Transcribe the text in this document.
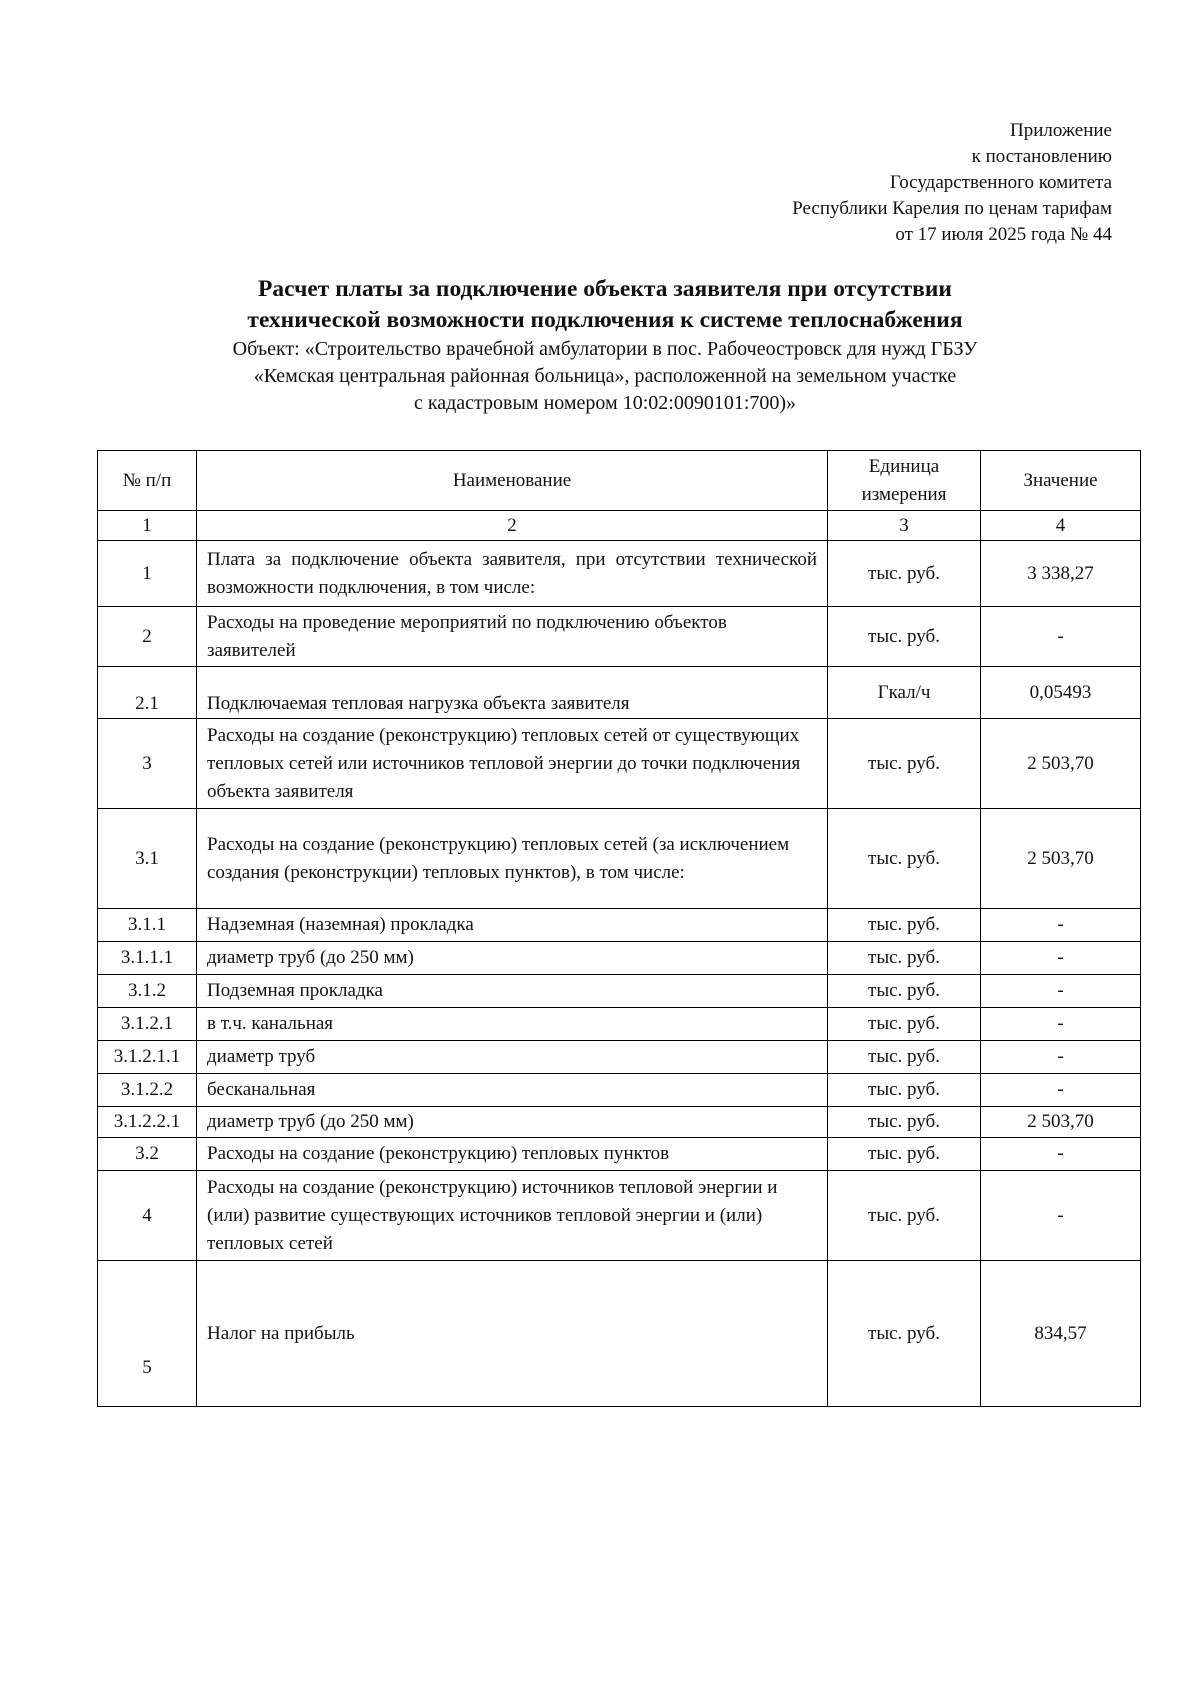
Приложение
к постановлению
Государственного комитета
Республики Карелия по ценам тарифам
от 17 июля 2025 года № 44
Расчет платы за подключение объекта заявителя при отсутствии
технической возможности подключения к системе теплоснабжения
Объект: «Строительство врачебной амбулатории в пос. Рабочеостровск для нужд ГБЗУ
«Кемская центральная районная больница», расположенной на земельном участке
с кадастровым номером 10:02:0090101:700)»
№ п/п	Наименование	Единица измерения	Значение
1	2	3	4
1	Плата за подключение объекта заявителя, при отсутствии технической возможности подключения, в том числе:	тыс. руб.	3 338,27
2	Расходы на проведение мероприятий по подключению объектов заявителей	тыс. руб.	-
2.1	Подключаемая тепловая нагрузка объекта заявителя	Гкал/ч	0,05493
3	Расходы на создание (реконструкцию) тепловых сетей от существующих тепловых сетей или источников тепловой энергии до точки подключения объекта заявителя	тыс. руб.	2 503,70
3.1	Расходы на создание (реконструкцию) тепловых сетей (за исключением создания (реконструкции) тепловых пунктов), в том числе:	тыс. руб.	2 503,70
3.1.1	Надземная (наземная) прокладка	тыс. руб.	-
3.1.1.1	диаметр труб (до 250 мм)	тыс. руб.	-
3.1.2	Подземная прокладка	тыс. руб.	-
3.1.2.1	в т.ч. канальная	тыс. руб.	-
3.1.2.1.1	диаметр труб	тыс. руб.	-
3.1.2.2	бесканальная	тыс. руб.	-
3.1.2.2.1	диаметр труб (до 250 мм)	тыс. руб.	2 503,70
3.2	Расходы на создание (реконструкцию) тепловых пунктов	тыс. руб.	-
4	Расходы на создание (реконструкцию) источников тепловой энергии и (или) развитие существующих источников тепловой энергии и (или) тепловых сетей	тыс. руб.	-
5	Налог на прибыль	тыс. руб.	834,57
